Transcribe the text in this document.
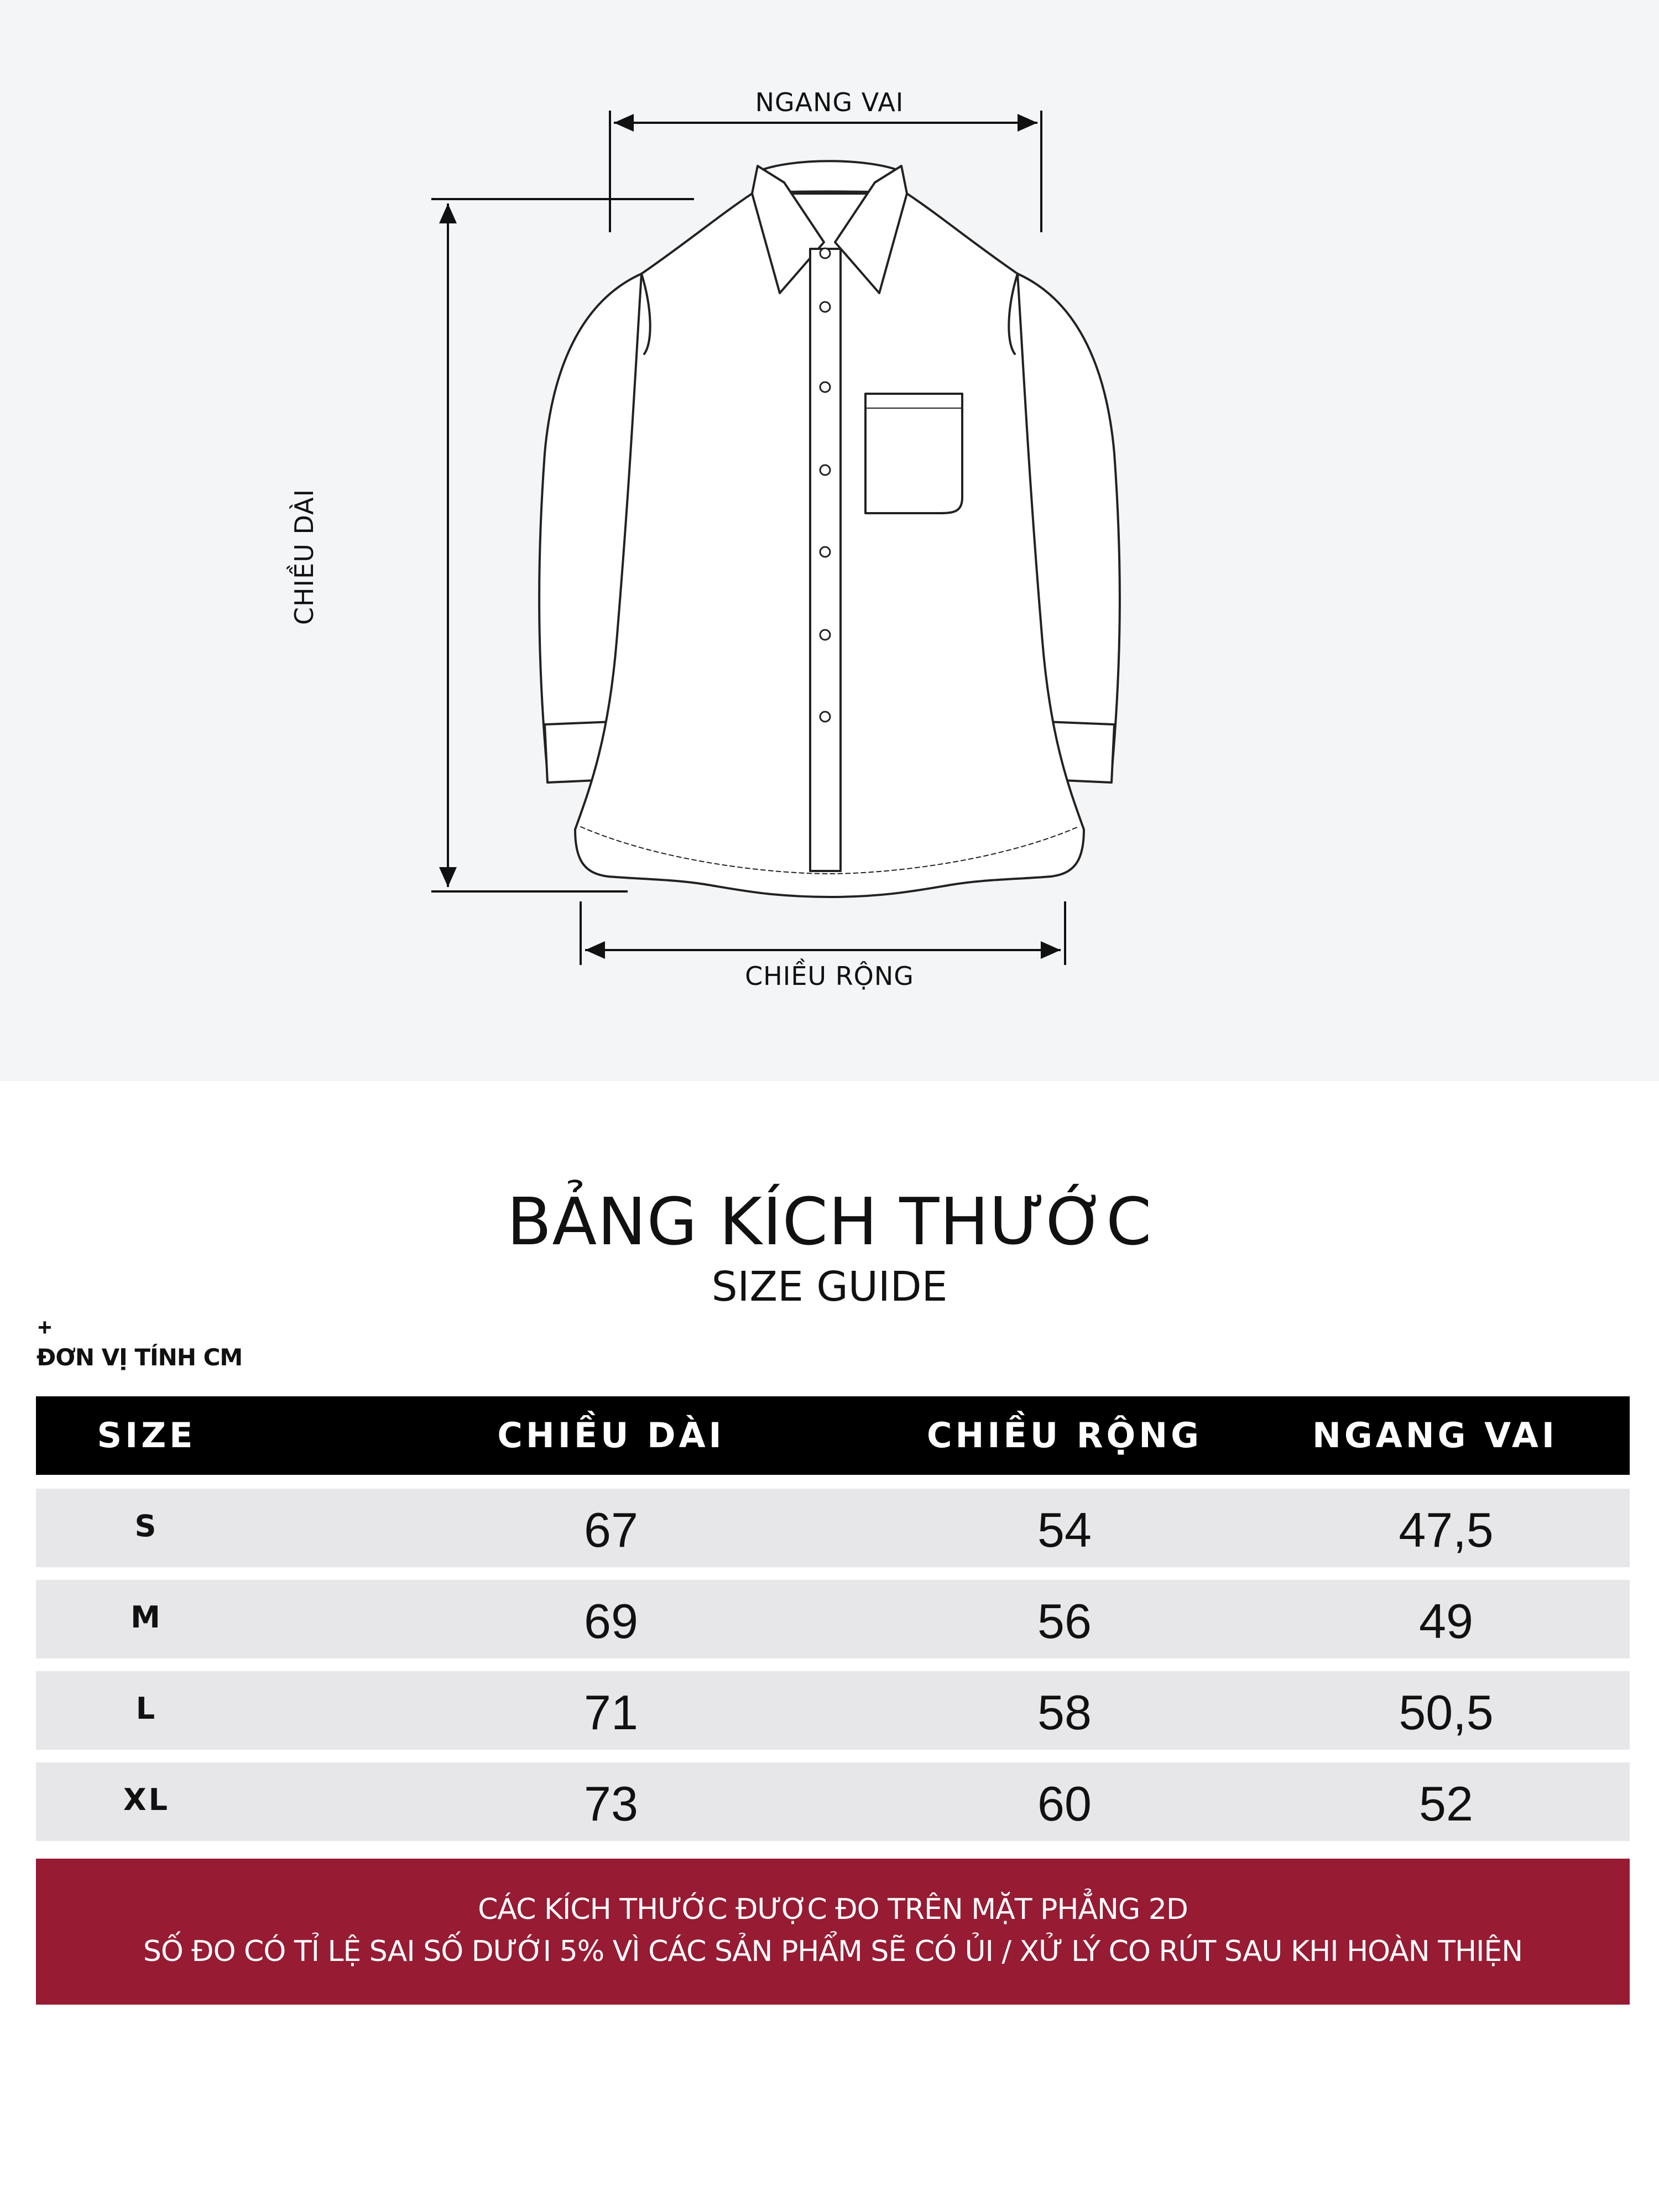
NGANG VAI
CHIỀU DÀI
CHIỀU RỘNG
BẢNG KÍCH THƯỚC
SIZE GUIDE
+
ĐƠN VỊ TÍNH CM
SIZE	CHIỀU DÀI	CHIỀU RỘNG	NGANG VAI
S	67	54	47,5
M	69	56	49
L	71	58	50,5
XL	73	60	52
CÁC KÍCH THƯỚC ĐƯỢC ĐO TRÊN MẶT PHẲNG 2D
SỐ ĐO CÓ TỈ LỆ SAI SỐ DƯỚI 5% VÌ CÁC SẢN PHẨM SẼ CÓ ỦI / XỬ LÝ CO RÚT SAU KHI HOÀN THIỆN
